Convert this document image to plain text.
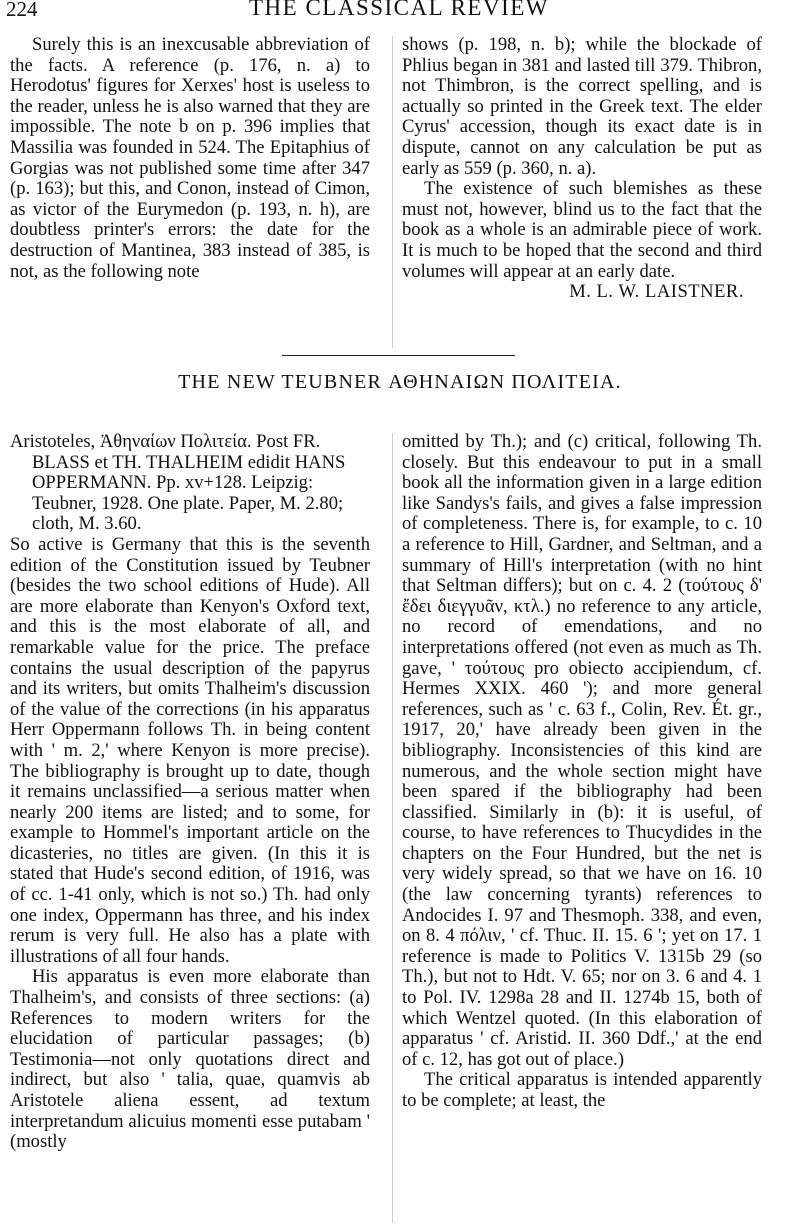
224	THE CLASSICAL REVIEW

Surely this is an inexcusable abbreviation of the facts. A reference (p. 176, n. a) to Herodotus' figures for Xerxes' host is useless to the reader, unless he is also warned that they are impossible. The note b on p. 396 implies that Massilia was founded in 524. The Epitaphius of Gorgias was not published some time after 347 (p. 163); but this, and Conon, instead of Cimon, as victor of the Eurymedon (p. 193, n. h), are doubtless printer's errors: the date for the destruction of Mantinea, 383 instead of 385, is not, as the following note

shows (p. 198, n. b); while the blockade of Phlius began in 381 and lasted till 379. Thibron, not Thimbron, is the correct spelling, and is actually so printed in the Greek text. The elder Cyrus' accession, though its exact date is in dispute, cannot on any calculation be put as early as 559 (p. 360, n. a).

The existence of such blemishes as these must not, however, blind us to the fact that the book as a whole is an admirable piece of work. It is much to be hoped that the second and third volumes will appear at an early date.

M. L. W. LAISTNER.

THE NEW TEUBNER ΑΘΗΝΑΙΩΝ ΠΟΛΙΤΕΙΑ.

Aristoteles, Ἀθηναίων Πολιτεία. Post FR. BLASS et TH. THALHEIM edidit HANS OPPERMANN. Pp. xv+128. Leipzig: Teubner, 1928. One plate. Paper, M. 2.80; cloth, M. 3.60.

So active is Germany that this is the seventh edition of the Constitution issued by Teubner (besides the two school editions of Hude). All are more elaborate than Kenyon's Oxford text, and this is the most elaborate of all, and remarkable value for the price. The preface contains the usual description of the papyrus and its writers, but omits Thalheim's discussion of the value of the corrections (in his apparatus Herr Oppermann follows Th. in being content with ' m. 2,' where Kenyon is more precise). The bibliography is brought up to date, though it remains unclassified—a serious matter when nearly 200 items are listed; and to some, for example to Hommel's important article on the dicasteries, no titles are given. (In this it is stated that Hude's second edition, of 1916, was of cc. 1-41 only, which is not so.) Th. had only one index, Oppermann has three, and his index rerum is very full. He also has a plate with illustrations of all four hands.

His apparatus is even more elaborate than Thalheim's, and consists of three sections: (a) References to modern writers for the elucidation of particular passages; (b) Testimonia—not only quotations direct and indirect, but also ' talia, quae, quamvis ab Aristotele aliena essent, ad textum interpretandum alicuius momenti esse putabam ' (mostly

omitted by Th.); and (c) critical, following Th. closely. But this endeavour to put in a small book all the information given in a large edition like Sandys's fails, and gives a false impression of completeness. There is, for example, to c. 10 a reference to Hill, Gardner, and Seltman, and a summary of Hill's interpretation (with no hint that Seltman differs); but on c. 4. 2 (τούτους δ' ἔδει διεγγυᾶν, κτλ.) no reference to any article, no record of emendations, and no interpretations offered (not even as much as Th. gave, ' τούτους pro obiecto accipiendum, cf. Hermes XXIX. 460 '); and more general references, such as ' c. 63 f., Colin, Rev. Ét. gr., 1917, 20,' have already been given in the bibliography. Inconsistencies of this kind are numerous, and the whole section might have been spared if the bibliography had been classified. Similarly in (b): it is useful, of course, to have references to Thucydides in the chapters on the Four Hundred, but the net is very widely spread, so that we have on 16. 10 (the law concerning tyrants) references to Andocides I. 97 and Thesmoph. 338, and even, on 8. 4 πόλιν, ' cf. Thuc. II. 15. 6 '; yet on 17. 1 reference is made to Politics V. 1315b 29 (so Th.), but not to Hdt. V. 65; nor on 3. 6 and 4. 1 to Pol. IV. 1298a 28 and II. 1274b 15, both of which Wentzel quoted. (In this elaboration of apparatus ' cf. Aristid. II. 360 Ddf.,' at the end of c. 12, has got out of place.)

The critical apparatus is intended apparently to be complete; at least, the
